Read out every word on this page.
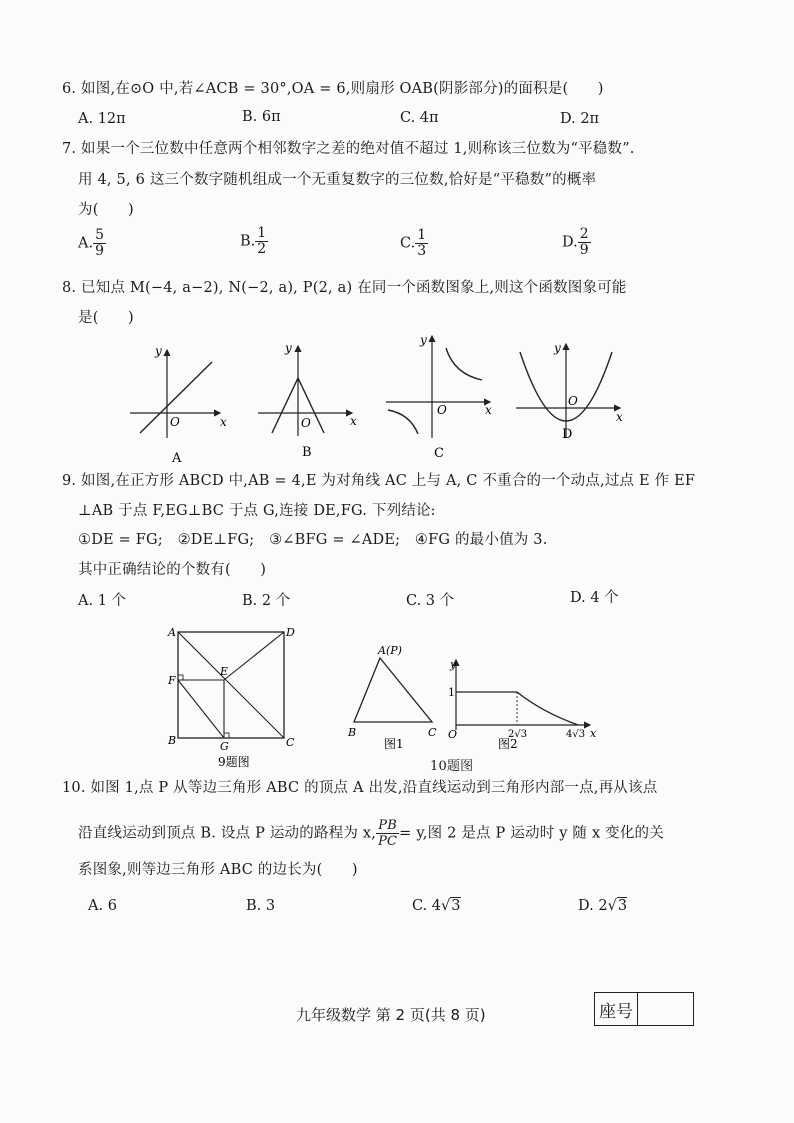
6. 如图,在⊙O 中,若∠ACB = 30°,OA = 6,则扇形 OAB(阴影部分)的面积是(　　)
A. 12π	B. 6π	C. 4π	D. 2π
7. 如果一个三位数中任意两个相邻数字之差的绝对值不超过 1,则称该三位数为“平稳数”.
用 4, 5, 6 这三个数字随机组成一个无重复数字的三位数,恰好是“平稳数”的概率
为(　　)
A. $\frac{5}{9}$	B. $\frac{1}{2}$	C. $\frac{1}{3}$	D. $\frac{2}{9}$
8. 已知点 M(−4, a−2), N(−2, a), P(2, a) 在同一个函数图象上,则这个函数图象可能
是(　　)
y
x
O
A
y
x
O
B
y
x
O
C
y
x
O
D
9. 如图,在正方形 ABCD 中,AB = 4,E 为对角线 AC 上与 A, C 不重合的一个动点,过点 E 作 EF
⊥AB 于点 F,EG⊥BC 于点 G,连接 DE,FG. 下列结论:
①DE = FG;　②DE⊥FG;　③∠BFG = ∠ADE;　④FG 的最小值为 3.
其中正确结论的个数有(　　)
A. 1 个	B. 2 个	C. 3 个	D. 4 个
A	D
E
F
B	C
G
9题图
A(P)
B	C
图1
y
1
O	2√3	4√3 x
图2
10题图
10. 如图 1,点 P 从等边三角形 ABC 的顶点 A 出发,沿直线运动到三角形内部一点,再从该点
沿直线运动到顶点 B. 设点 P 运动的路程为 x, $\frac{PB}{PC} = y$,图 2 是点 P 运动时 y 随 x 变化的关
系图象,则等边三角形 ABC 的边长为(　　)
A. 6	B. 3	C. 4√3	D. 2√3
九年级数学 第 2 页(共 8 页)	座号
